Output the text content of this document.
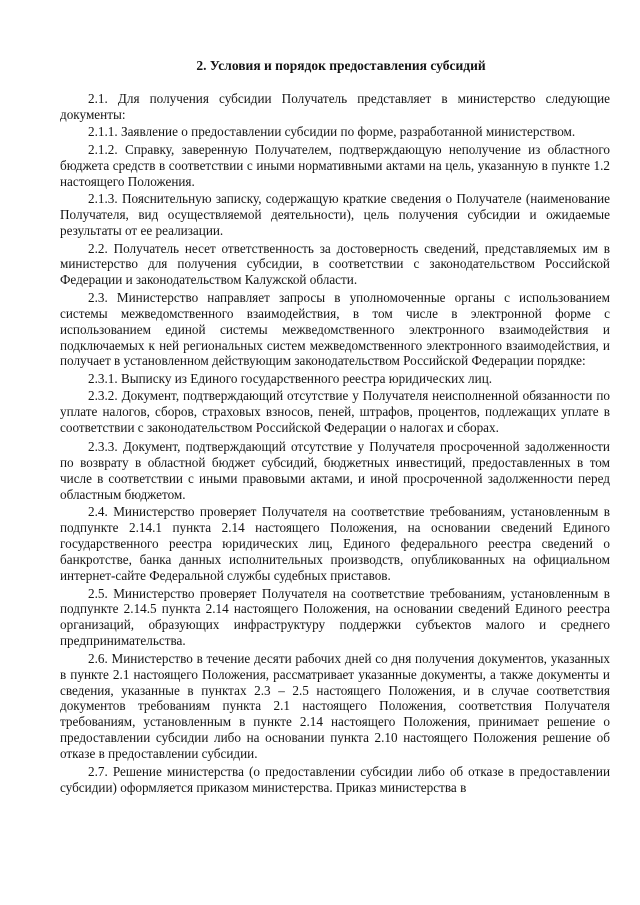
2. Условия и порядок предоставления субсидий

2.1. Для получения субсидии Получатель представляет в министерство следующие документы:

2.1.1. Заявление о предоставлении субсидии по форме, разработанной министерством.

2.1.2. Справку, заверенную Получателем, подтверждающую неполучение из областного бюджета средств в соответствии с иными нормативными актами на цель, указанную в пункте 1.2 настоящего Положения.

2.1.3. Пояснительную записку, содержащую краткие сведения о Получателе (наименование Получателя, вид осуществляемой деятельности), цель получения субсидии и ожидаемые результаты от ее реализации.

2.2. Получатель несет ответственность за достоверность сведений, представляемых им в министерство для получения субсидии, в соответствии с законодательством Российской Федерации и законодательством Калужской области.

2.3. Министерство направляет запросы в уполномоченные органы с использованием системы межведомственного взаимодействия, в том числе в электронной форме с использованием единой системы межведомственного электронного взаимодействия и подключаемых к ней региональных систем межведомственного электронного взаимодействия, и получает в установленном действующим законодательством Российской Федерации порядке:

2.3.1. Выписку из Единого государственного реестра юридических лиц.

2.3.2. Документ, подтверждающий отсутствие у Получателя неисполненной обязанности по уплате налогов, сборов, страховых взносов, пеней, штрафов, процентов, подлежащих уплате в соответствии с законодательством Российской Федерации о налогах и сборах.

2.3.3. Документ, подтверждающий отсутствие у Получателя просроченной задолженности по возврату в областной бюджет субсидий, бюджетных инвестиций, предоставленных в том числе в соответствии с иными правовыми актами, и иной просроченной задолженности перед областным бюджетом.

2.4. Министерство проверяет Получателя на соответствие требованиям, установленным в подпункте 2.14.1 пункта 2.14 настоящего Положения, на основании сведений Единого государственного реестра юридических лиц, Единого федерального реестра сведений о банкротстве, банка данных исполнительных производств, опубликованных на официальном интернет-сайте Федеральной службы судебных приставов.

2.5. Министерство проверяет Получателя на соответствие требованиям, установленным в подпункте 2.14.5 пункта 2.14 настоящего Положения, на основании сведений Единого реестра организаций, образующих инфраструктуру поддержки субъектов малого и среднего предпринимательства.

2.6. Министерство в течение десяти рабочих дней со дня получения документов, указанных в пункте 2.1 настоящего Положения, рассматривает указанные документы, а также документы и сведения, указанные в пунктах 2.3 – 2.5 настоящего Положения, и в случае соответствия документов требованиям пункта 2.1 настоящего Положения, соответствия Получателя требованиям, установленным в пункте 2.14 настоящего Положения, принимает решение о предоставлении субсидии либо на основании пункта 2.10 настоящего Положения решение об отказе в предоставлении субсидии.

2.7. Решение министерства (о предоставлении субсидии либо об отказе в предоставлении субсидии) оформляется приказом министерства. Приказ министерства в
